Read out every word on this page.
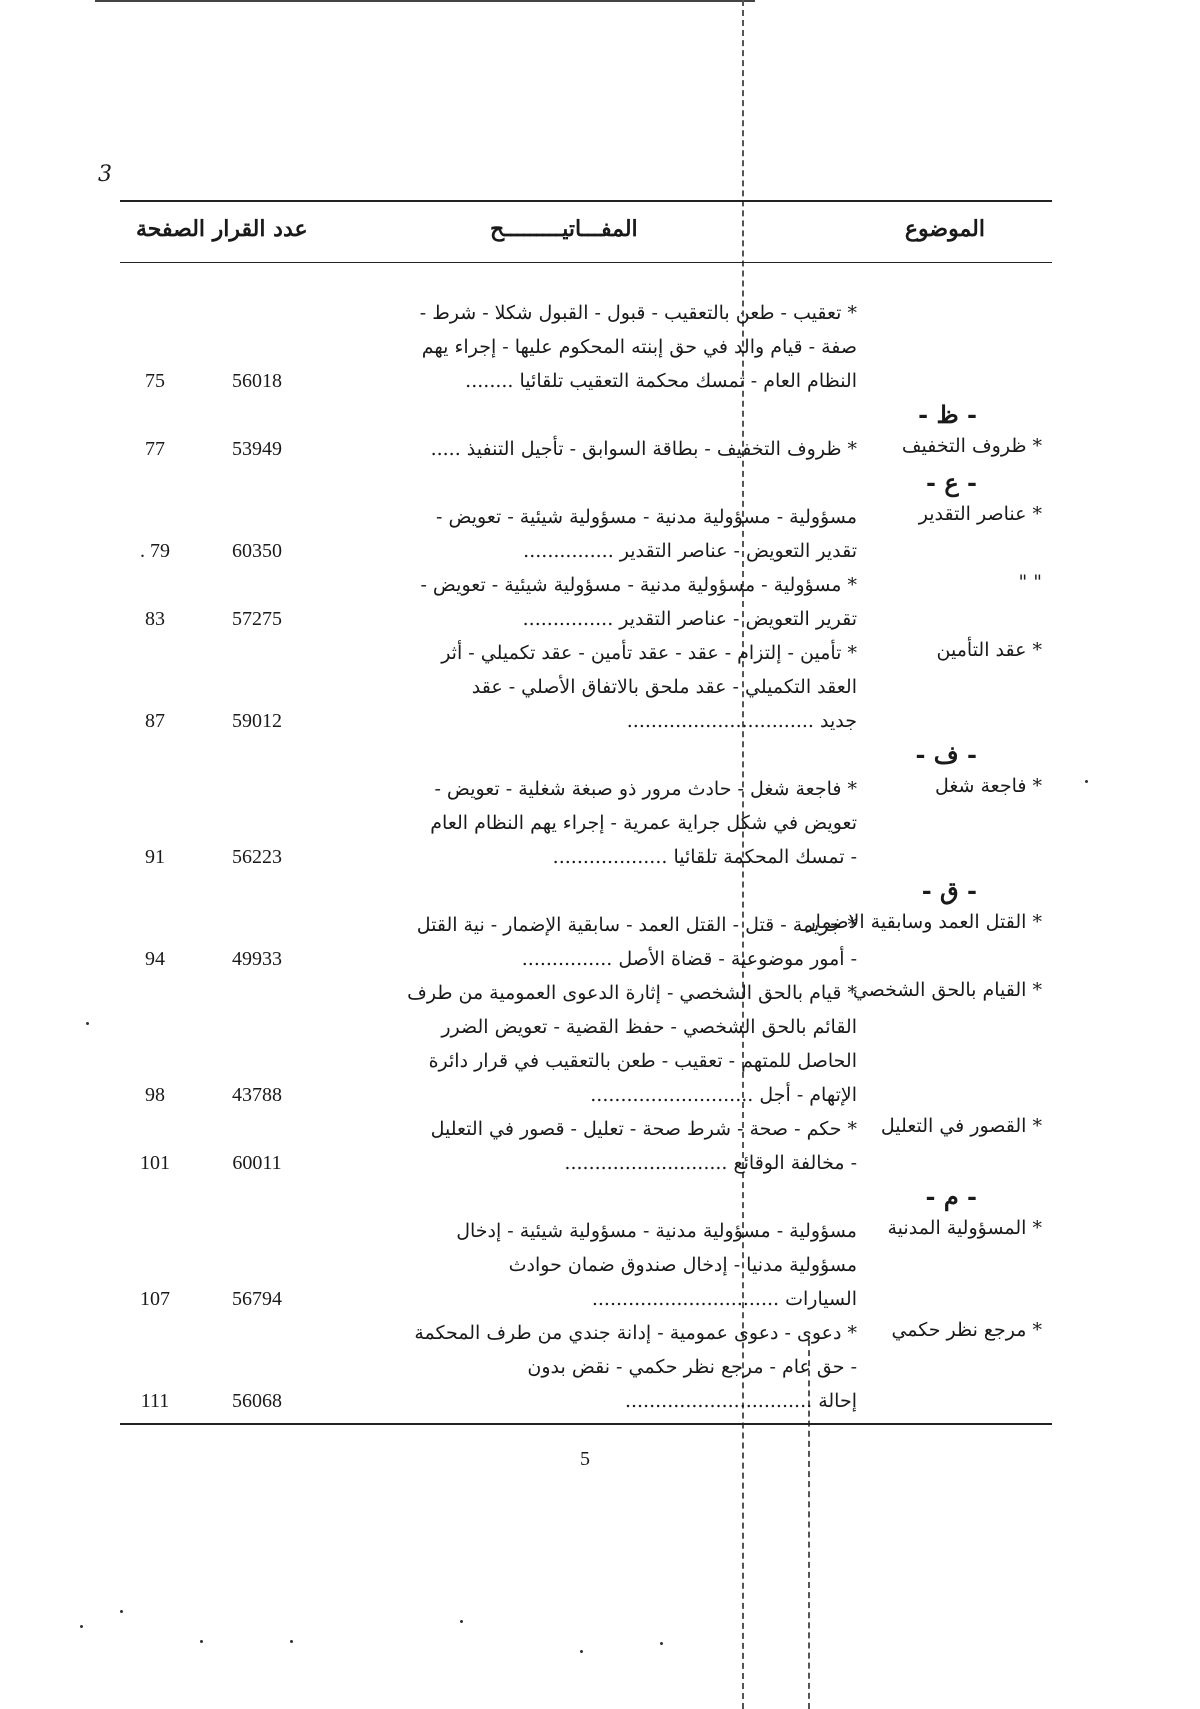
3
الموضوع
المفـــاتيـــــــــح
عدد القرار الصفحة
* تعقيب - طعن بالتعقيب - قبول - القبول شكلا - شرط -
صفة - قيام والد في حق إبنته المحكوم عليها - إجراء يهم
النظام العام - تمسك محكمة التعقيب تلقائيا ........
56018
75
- ظ -
* ظروف التخفيف
* ظروف التخفيف - بطاقة السوابق - تأجيل التنفيذ .....
53949
77
- ع -
* عناصر التقدير
مسؤولية - مسؤولية مدنية - مسؤولية شيئية - تعويض -
تقدير التعويض - عناصر التقدير ...............
60350
. 79
" "
* مسؤولية - مسؤولية مدنية - مسؤولية شيئية - تعويض -
تقرير التعويض - عناصر التقدير ...............
57275
83
* عقد التأمين
* تأمين - إلتزام - عقد - عقد تأمين - عقد تكميلي - أثر
العقد التكميلي - عقد ملحق بالاتفاق الأصلي - عقد
جديد ...............................
59012
87
- ف -
* فاجعة شغل
* فاجعة شغل - حادث مرور ذو صبغة شغلية - تعويض -
تعويض في شكل جراية عمرية - إجراء يهم النظام العام
- تمسك المحكمة تلقائيا ...................
56223
91
- ق -
* القتل العمد وسابقية الاضمار
* جريمة - قتل - القتل العمد - سابقية الإضمار - نية القتل
- أمور موضوعية - قضاة الأصل ...............
49933
94
* القيام بالحق الشخصي
* قيام بالحق الشخصي - إثارة الدعوى العمومية من طرف
القائم بالحق الشخصي - حفظ القضية - تعويض الضرر
الحاصل للمتهم - تعقيب - طعن بالتعقيب في قرار دائرة
الإتهام - أجل ...........................
43788
98
* القصور في التعليل
* حكم - صحة - شرط صحة - تعليل - قصور في التعليل
- مخالفة الوقائع ...........................
60011
101
- م -
* المسؤولية المدنية
مسؤولية - مسؤولية مدنية - مسؤولية شيئية - إدخال
مسؤولية مدنيا - إدخال صندوق ضمان حوادث
السيارات ...............................
56794
107
* مرجع نظر حكمي
* دعوى - دعوى عمومية - إدانة جندي من طرف المحكمة
- حق عام - مرجع نظر حكمي - نقض بدون
إحالة ...............................
56068
111
5
